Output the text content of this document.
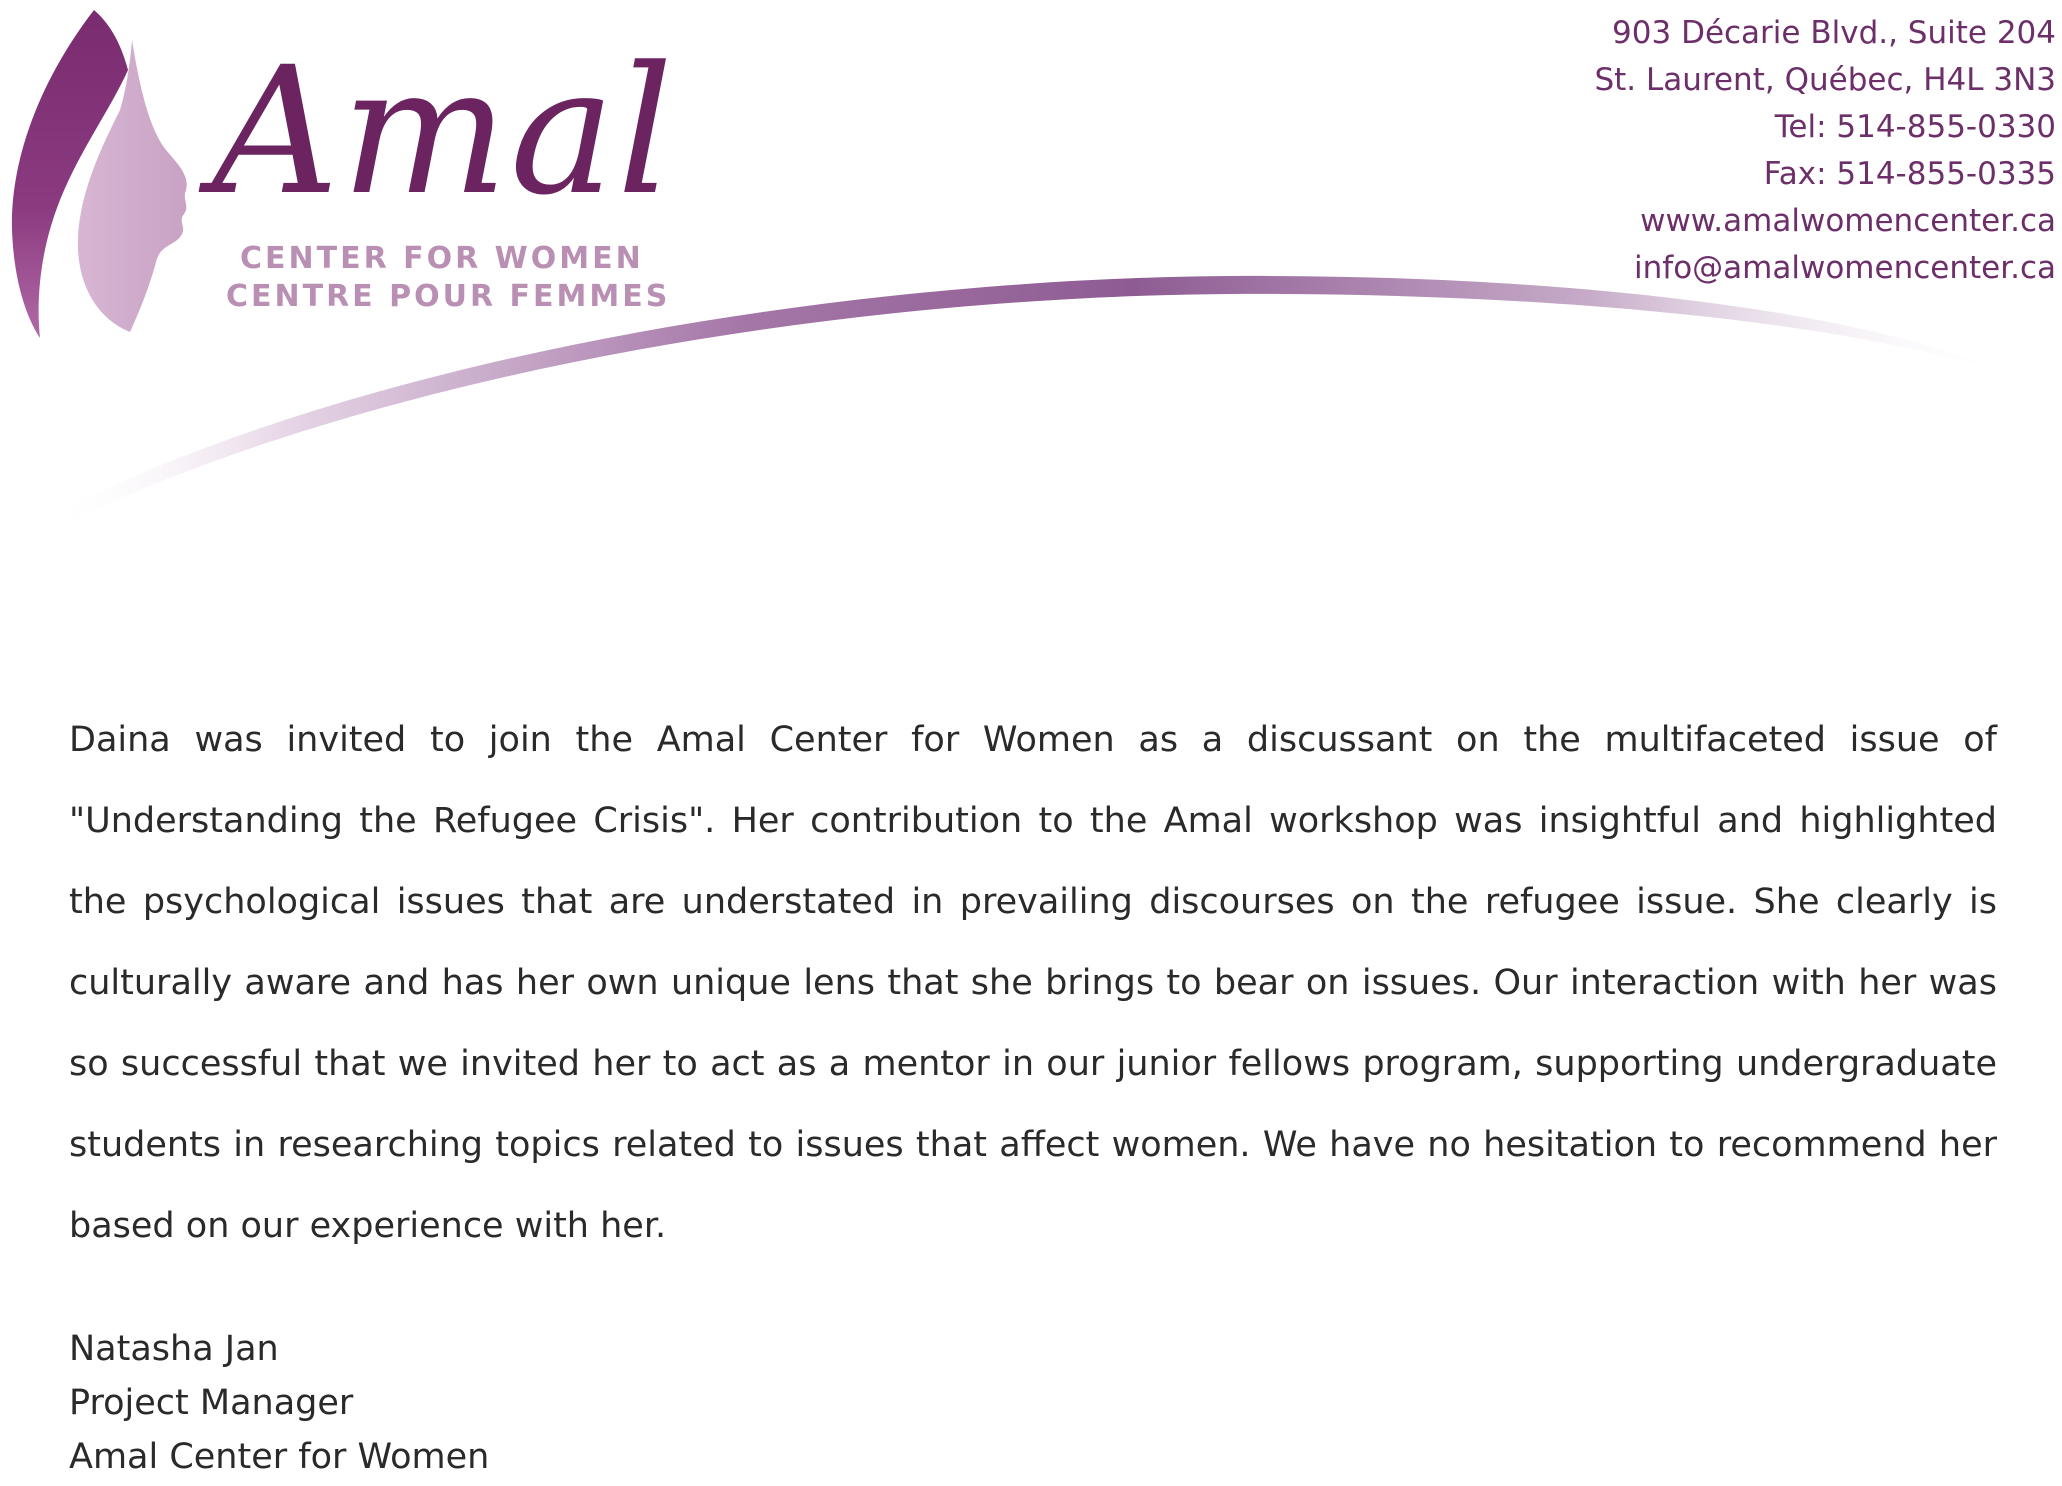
Amal
CENTER FOR WOMEN
CENTRE POUR FEMMES
903 Décarie Blvd., Suite 204
St. Laurent, Québec, H4L 3N3
Tel: 514-855-0330
Fax: 514-855-0335
www.amalwomencenter.ca
info@amalwomencenter.ca
Daina was invited to join the Amal Center for Women as a discussant on the multifaceted issue of "Understanding the Refugee Crisis". Her contribution to the Amal workshop was insightful and highlighted the psychological issues that are understated in prevailing discourses on the refugee issue. She clearly is culturally aware and has her own unique lens that she brings to bear on issues. Our interaction with her was so successful that we invited her to act as a mentor in our junior fellows program, supporting undergraduate students in researching topics related to issues that affect women. We have no hesitation to recommend her based on our experience with her.
Natasha Jan
Project Manager
Amal Center for Women
